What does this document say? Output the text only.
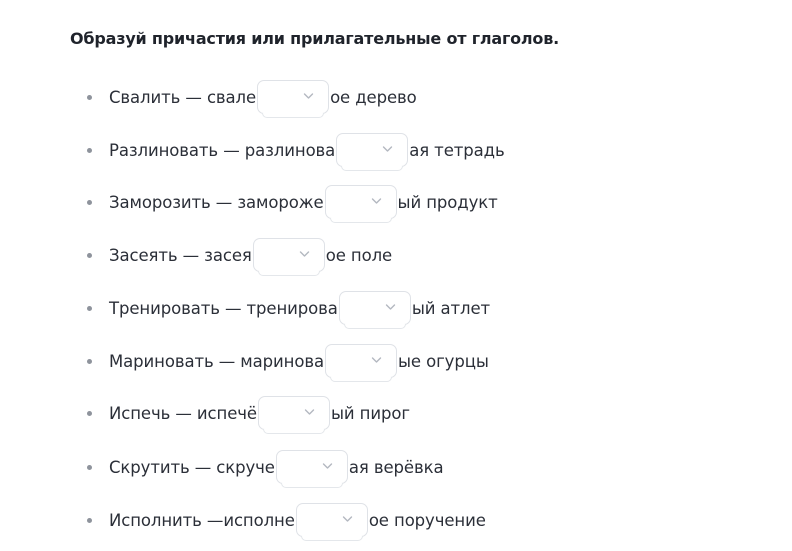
Образуй причастия или прилагательные от глаголов.
Свалить — свале	ое дерево
Разлиновать — разлинова	ая тетрадь
Заморозить — заморожe	ый продукт
Засеять — засея	ое поле
Тренировать — тренирова	ый атлет
Мариновать — маринова	ые огурцы
Испечь — испечё	ый пирог
Скрутить — скруче	ая верёвка
Исполнить —исполне	ое поручение
